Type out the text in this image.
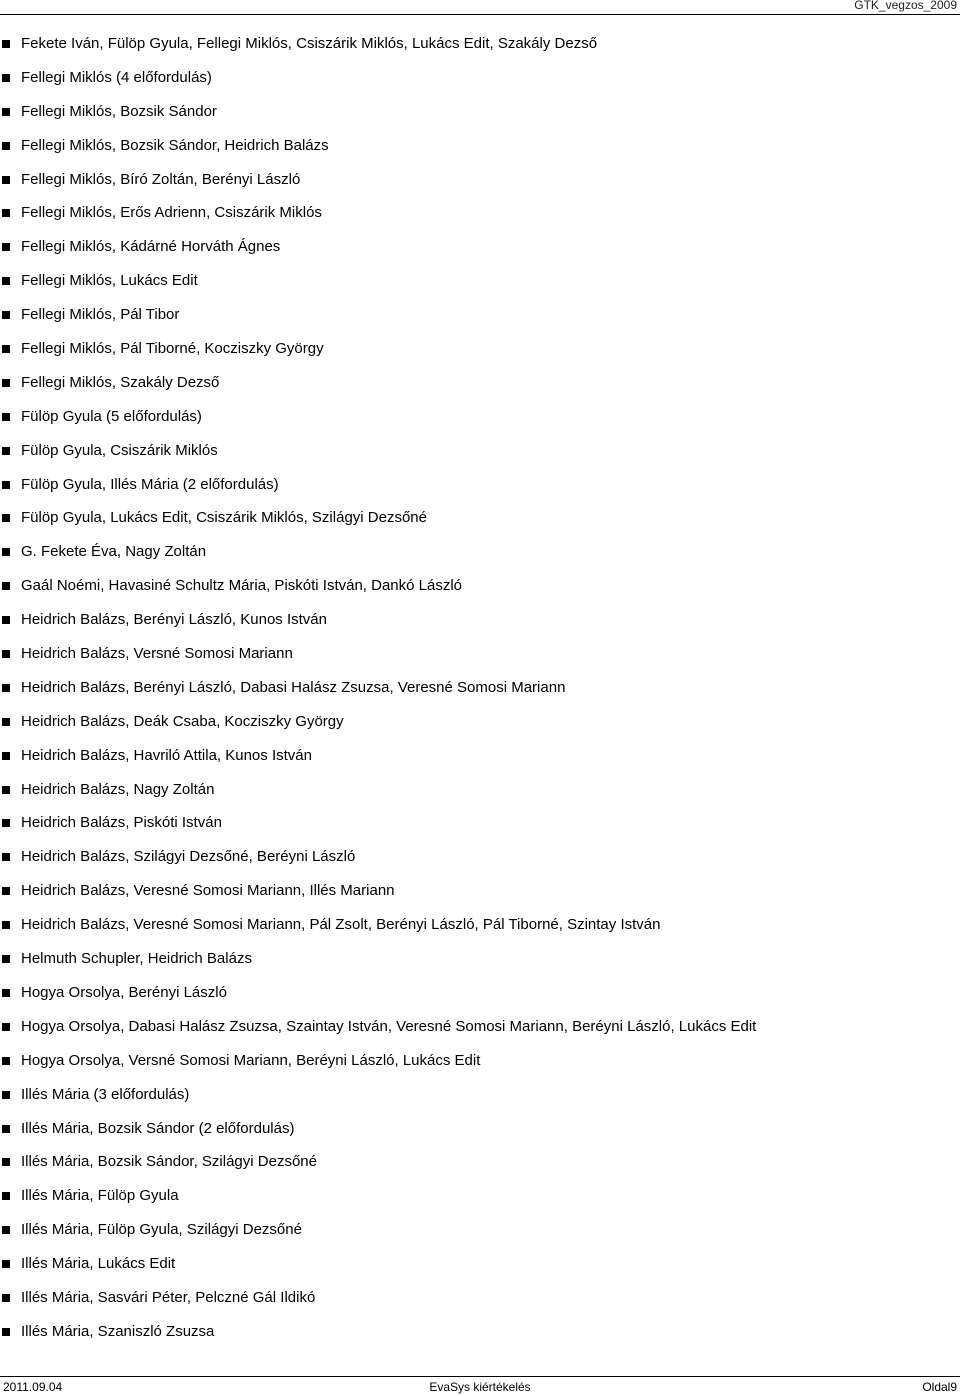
GTK_vegzos_2009
Fekete Iván, Fülöp Gyula, Fellegi Miklós, Csiszárik Miklós, Lukács Edit, Szakály Dezső
Fellegi Miklós (4 előfordulás)
Fellegi Miklós, Bozsik Sándor
Fellegi Miklós, Bozsik Sándor, Heidrich Balázs
Fellegi Miklós, Bíró Zoltán, Berényi László
Fellegi Miklós, Erős Adrienn, Csiszárik Miklós
Fellegi Miklós, Kádárné Horváth Ágnes
Fellegi Miklós, Lukács Edit
Fellegi Miklós, Pál Tibor
Fellegi Miklós, Pál Tiborné, Kocziszky György
Fellegi Miklós, Szakály Dezső
Fülöp Gyula (5 előfordulás)
Fülöp Gyula, Csiszárik Miklós
Fülöp Gyula, Illés Mária (2 előfordulás)
Fülöp Gyula, Lukács Edit, Csiszárik Miklós, Szilágyi Dezsőné
G. Fekete Éva, Nagy Zoltán
Gaál Noémi, Havasiné Schultz Mária, Piskóti István, Dankó László
Heidrich Balázs, Berényi László, Kunos István
Heidrich Balázs, Versné Somosi Mariann
Heidrich Balázs, Berényi László, Dabasi Halász Zsuzsa, Veresné Somosi Mariann
Heidrich Balázs, Deák Csaba, Kocziszky György
Heidrich Balázs, Havriló Attila, Kunos István
Heidrich Balázs, Nagy Zoltán
Heidrich Balázs, Piskóti István
Heidrich Balázs, Szilágyi Dezsőné, Beréyni László
Heidrich Balázs, Veresné Somosi Mariann, Illés Mariann
Heidrich Balázs, Veresné Somosi Mariann, Pál Zsolt, Berényi László, Pál Tiborné, Szintay István
Helmuth Schupler, Heidrich Balázs
Hogya Orsolya, Berényi László
Hogya Orsolya, Dabasi Halász Zsuzsa, Szaintay István, Veresné Somosi Mariann, Beréyni László, Lukács Edit
Hogya Orsolya, Versné Somosi Mariann, Beréyni László, Lukács Edit
Illés Mária (3 előfordulás)
Illés Mária, Bozsik Sándor (2 előfordulás)
Illés Mária, Bozsik Sándor, Szilágyi Dezsőné
Illés Mária, Fülöp Gyula
Illés Mária, Fülöp Gyula, Szilágyi Dezsőné
Illés Mária, Lukács Edit
Illés Mária, Sasvári Péter, Pelczné Gál Ildikó
Illés Mária, Szaniszló Zsuzsa
2011.09.04	EvaSys kiértékelés	Oldal9
